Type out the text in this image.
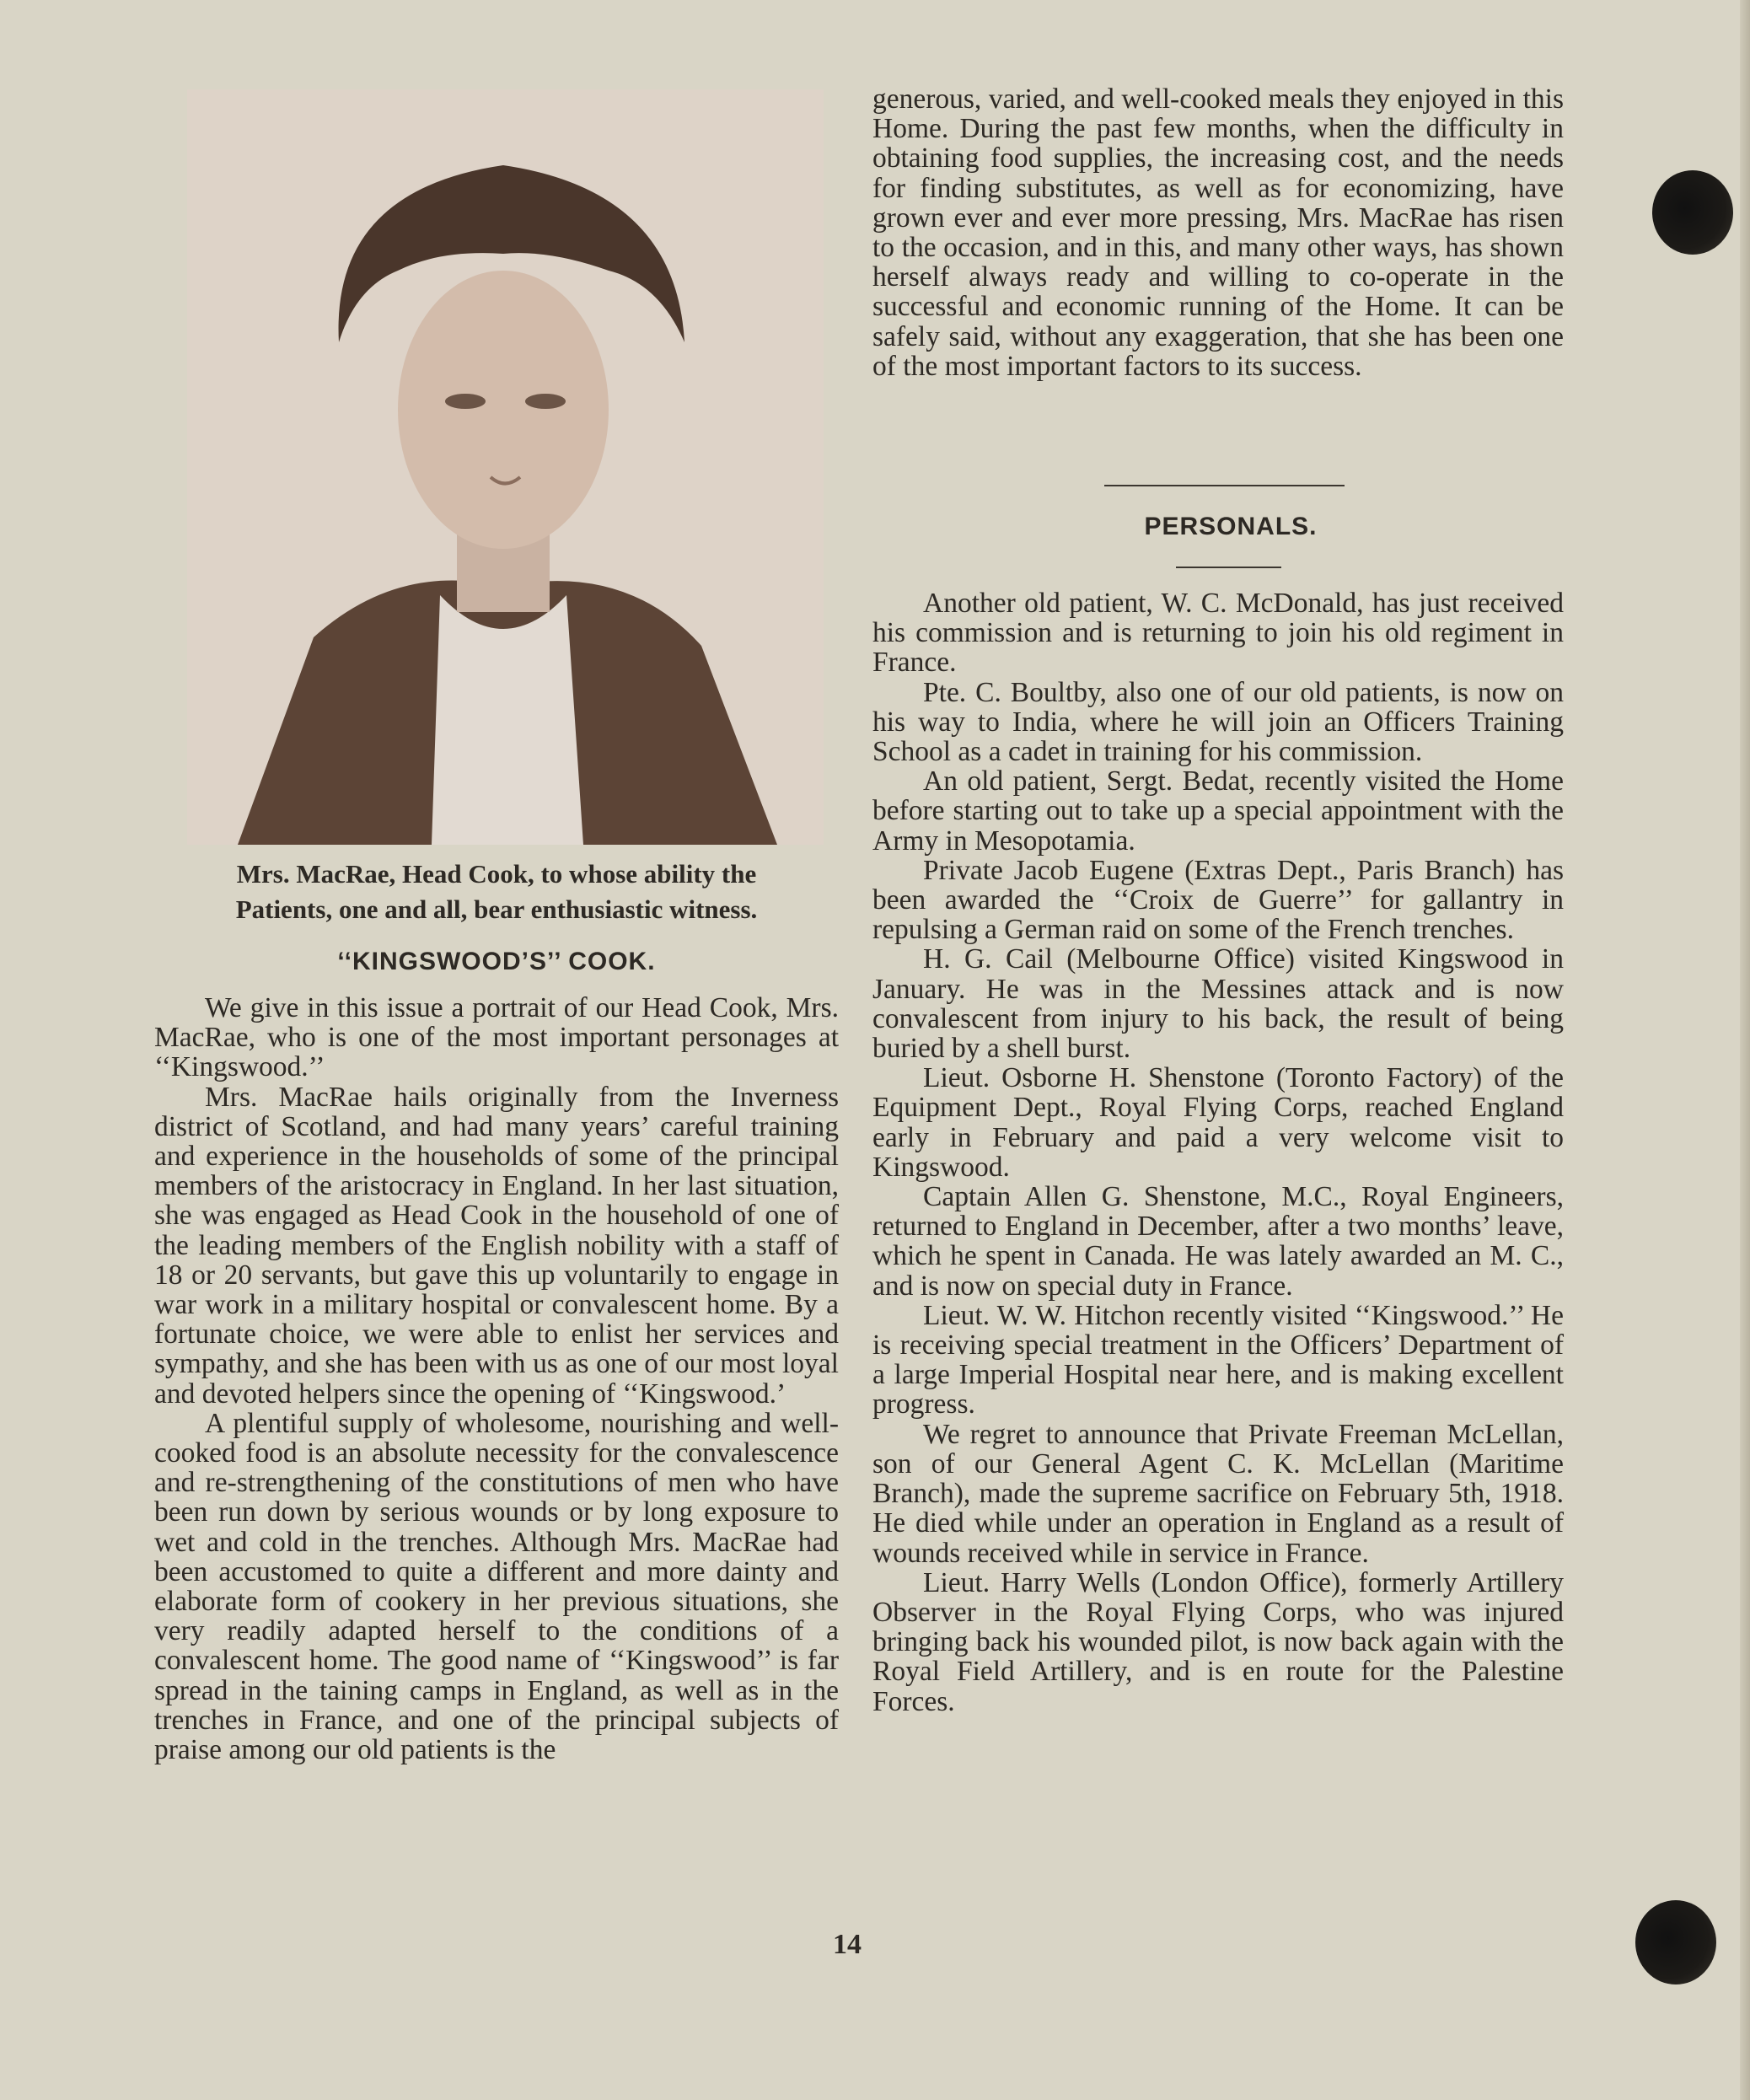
Mrs. MacRae, Head Cook, to whose ability the
Patients, one and all, bear enthusiastic witness.
‘‘KINGSWOOD’S’’ COOK.

We give in this issue a portrait of our Head Cook, Mrs. MacRae, who is one of the most important personages at ‘‘Kingswood.’’

Mrs. MacRae hails originally from the Inverness district of Scotland, and had many years’ careful training and experience in the households of some of the principal members of the aristocracy in England. In her last situation, she was engaged as Head Cook in the household of one of the leading members of the English nobility with a staff of 18 or 20 servants, but gave this up voluntarily to engage in war work in a military hospital or convalescent home. By a fortunate choice, we were able to enlist her services and sympathy, and she has been with us as one of our most loyal and devoted helpers since the opening of ‘‘Kingswood.’

A plentiful supply of wholesome, nourishing and well-cooked food is an absolute necessity for the convalescence and re-strengthening of the constitutions of men who have been run down by serious wounds or by long exposure to wet and cold in the trenches. Although Mrs. MacRae had been accustomed to quite a different and more dainty and elaborate form of cookery in her previous situations, she very readily adapted herself to the conditions of a convalescent home. The good name of ‘‘Kingswood’’ is far spread in the taining camps in England, as well as in the trenches in France, and one of the principal subjects of praise among our old patients is the

generous, varied, and well-cooked meals they enjoyed in this Home. During the past few months, when the difficulty in obtaining food supplies, the increasing cost, and the needs for finding substitutes, as well as for economizing, have grown ever and ever more pressing, Mrs. MacRae has risen to the occasion, and in this, and many other ways, has shown herself always ready and willing to co-operate in the successful and economic running of the Home. It can be safely said, without any exaggeration, that she has been one of the most important factors to its success.

PERSONALS.

Another old patient, W. C. McDonald, has just received his commission and is returning to join his old regiment in France.

Pte. C. Boultby, also one of our old patients, is now on his way to India, where he will join an Officers Training School as a cadet in training for his commission.

An old patient, Sergt. Bedat, recently visited the Home before starting out to take up a special appointment with the Army in Mesopotamia.

Private Jacob Eugene (Extras Dept., Paris Branch) has been awarded the ‘‘Croix de Guerre’’ for gallantry in repulsing a German raid on some of the French trenches.

H. G. Cail (Melbourne Office) visited Kingswood in January. He was in the Messines attack and is now convalescent from injury to his back, the result of being buried by a shell burst.

Lieut. Osborne H. Shenstone (Toronto Factory) of the Equipment Dept., Royal Flying Corps, reached England early in February and paid a very welcome visit to Kingswood.

Captain Allen G. Shenstone, M.C., Royal Engineers, returned to England in December, after a two months’ leave, which he spent in Canada. He was lately awarded an M. C., and is now on special duty in France.

Lieut. W. W. Hitchon recently visited ‘‘Kingswood.’’ He is receiving special treatment in the Officers’ Department of a large Imperial Hospital near here, and is making excellent progress.

We regret to announce that Private Freeman McLellan, son of our General Agent C. K. McLellan (Maritime Branch), made the supreme sacrifice on February 5th, 1918. He died while under an operation in England as a result of wounds received while in service in France.

Lieut. Harry Wells (London Office), formerly Artillery Observer in the Royal Flying Corps, who was injured bringing back his wounded pilot, is now back again with the Royal Field Artillery, and is en route for the Palestine Forces.

14
